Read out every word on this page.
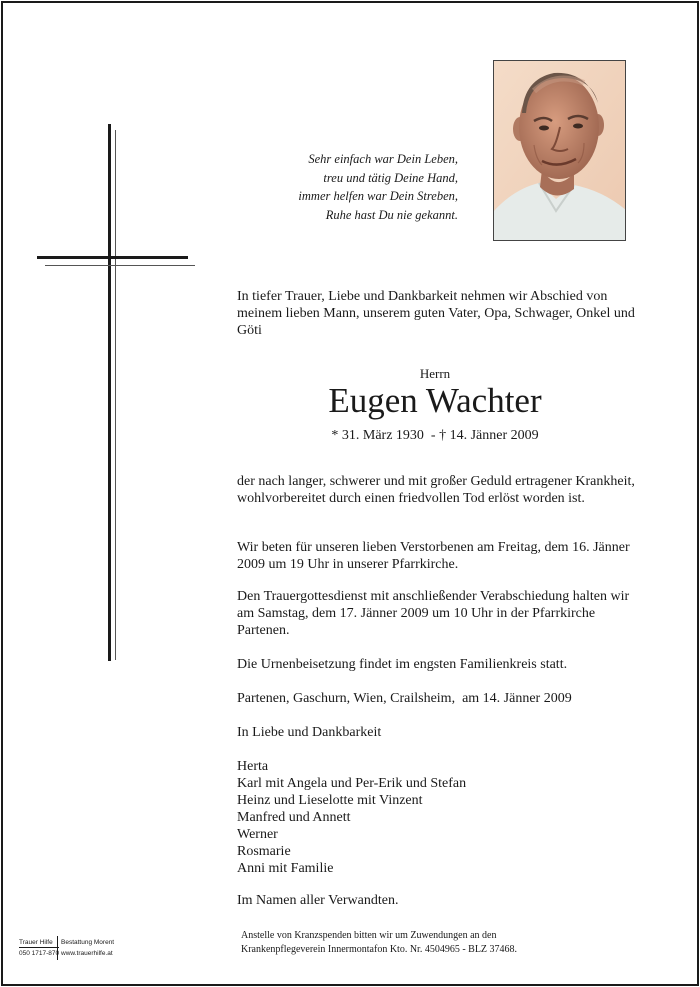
Sehr einfach war Dein Leben,
treu und tätig Deine Hand,
immer helfen war Dein Streben,
Ruhe hast Du nie gekannt.
In tiefer Trauer, Liebe und Dankbarkeit nehmen wir Abschied von meinem lieben Mann, unserem guten Vater, Opa, Schwager, Onkel und Göti
Herrn
Eugen Wachter
* 31. März 1930  - † 14. Jänner 2009
der nach langer, schwerer und mit großer Geduld ertragener Krankheit, wohlvorbereitet durch einen friedvollen Tod erlöst worden ist.
Wir beten für unseren lieben Verstorbenen am Freitag, dem 16. Jänner 2009 um 19 Uhr in unserer Pfarrkirche.
Den Trauergottesdienst mit anschließender Verabschiedung halten wir am Samstag, dem 17. Jänner 2009 um 10 Uhr in der Pfarrkirche Partenen.
Die Urnenbeisetzung findet im engsten Familienkreis statt.
Partenen, Gaschurn, Wien, Crailsheim,  am 14. Jänner 2009
In Liebe und Dankbarkeit
Herta
Karl mit Angela und Per-Erik und Stefan
Heinz und Lieselotte mit Vinzent
Manfred und Annett
Werner
Rosmarie
Anni mit Familie
Im Namen aller Verwandten.
Anstelle von Kranzspenden bitten wir um Zuwendungen an den
Krankenpflegeverein Innermontafon Kto. Nr. 4504965 - BLZ 37468.
Trauer Hilfe Bestattung Morent
050 1717-870 www.trauerhilfe.at
